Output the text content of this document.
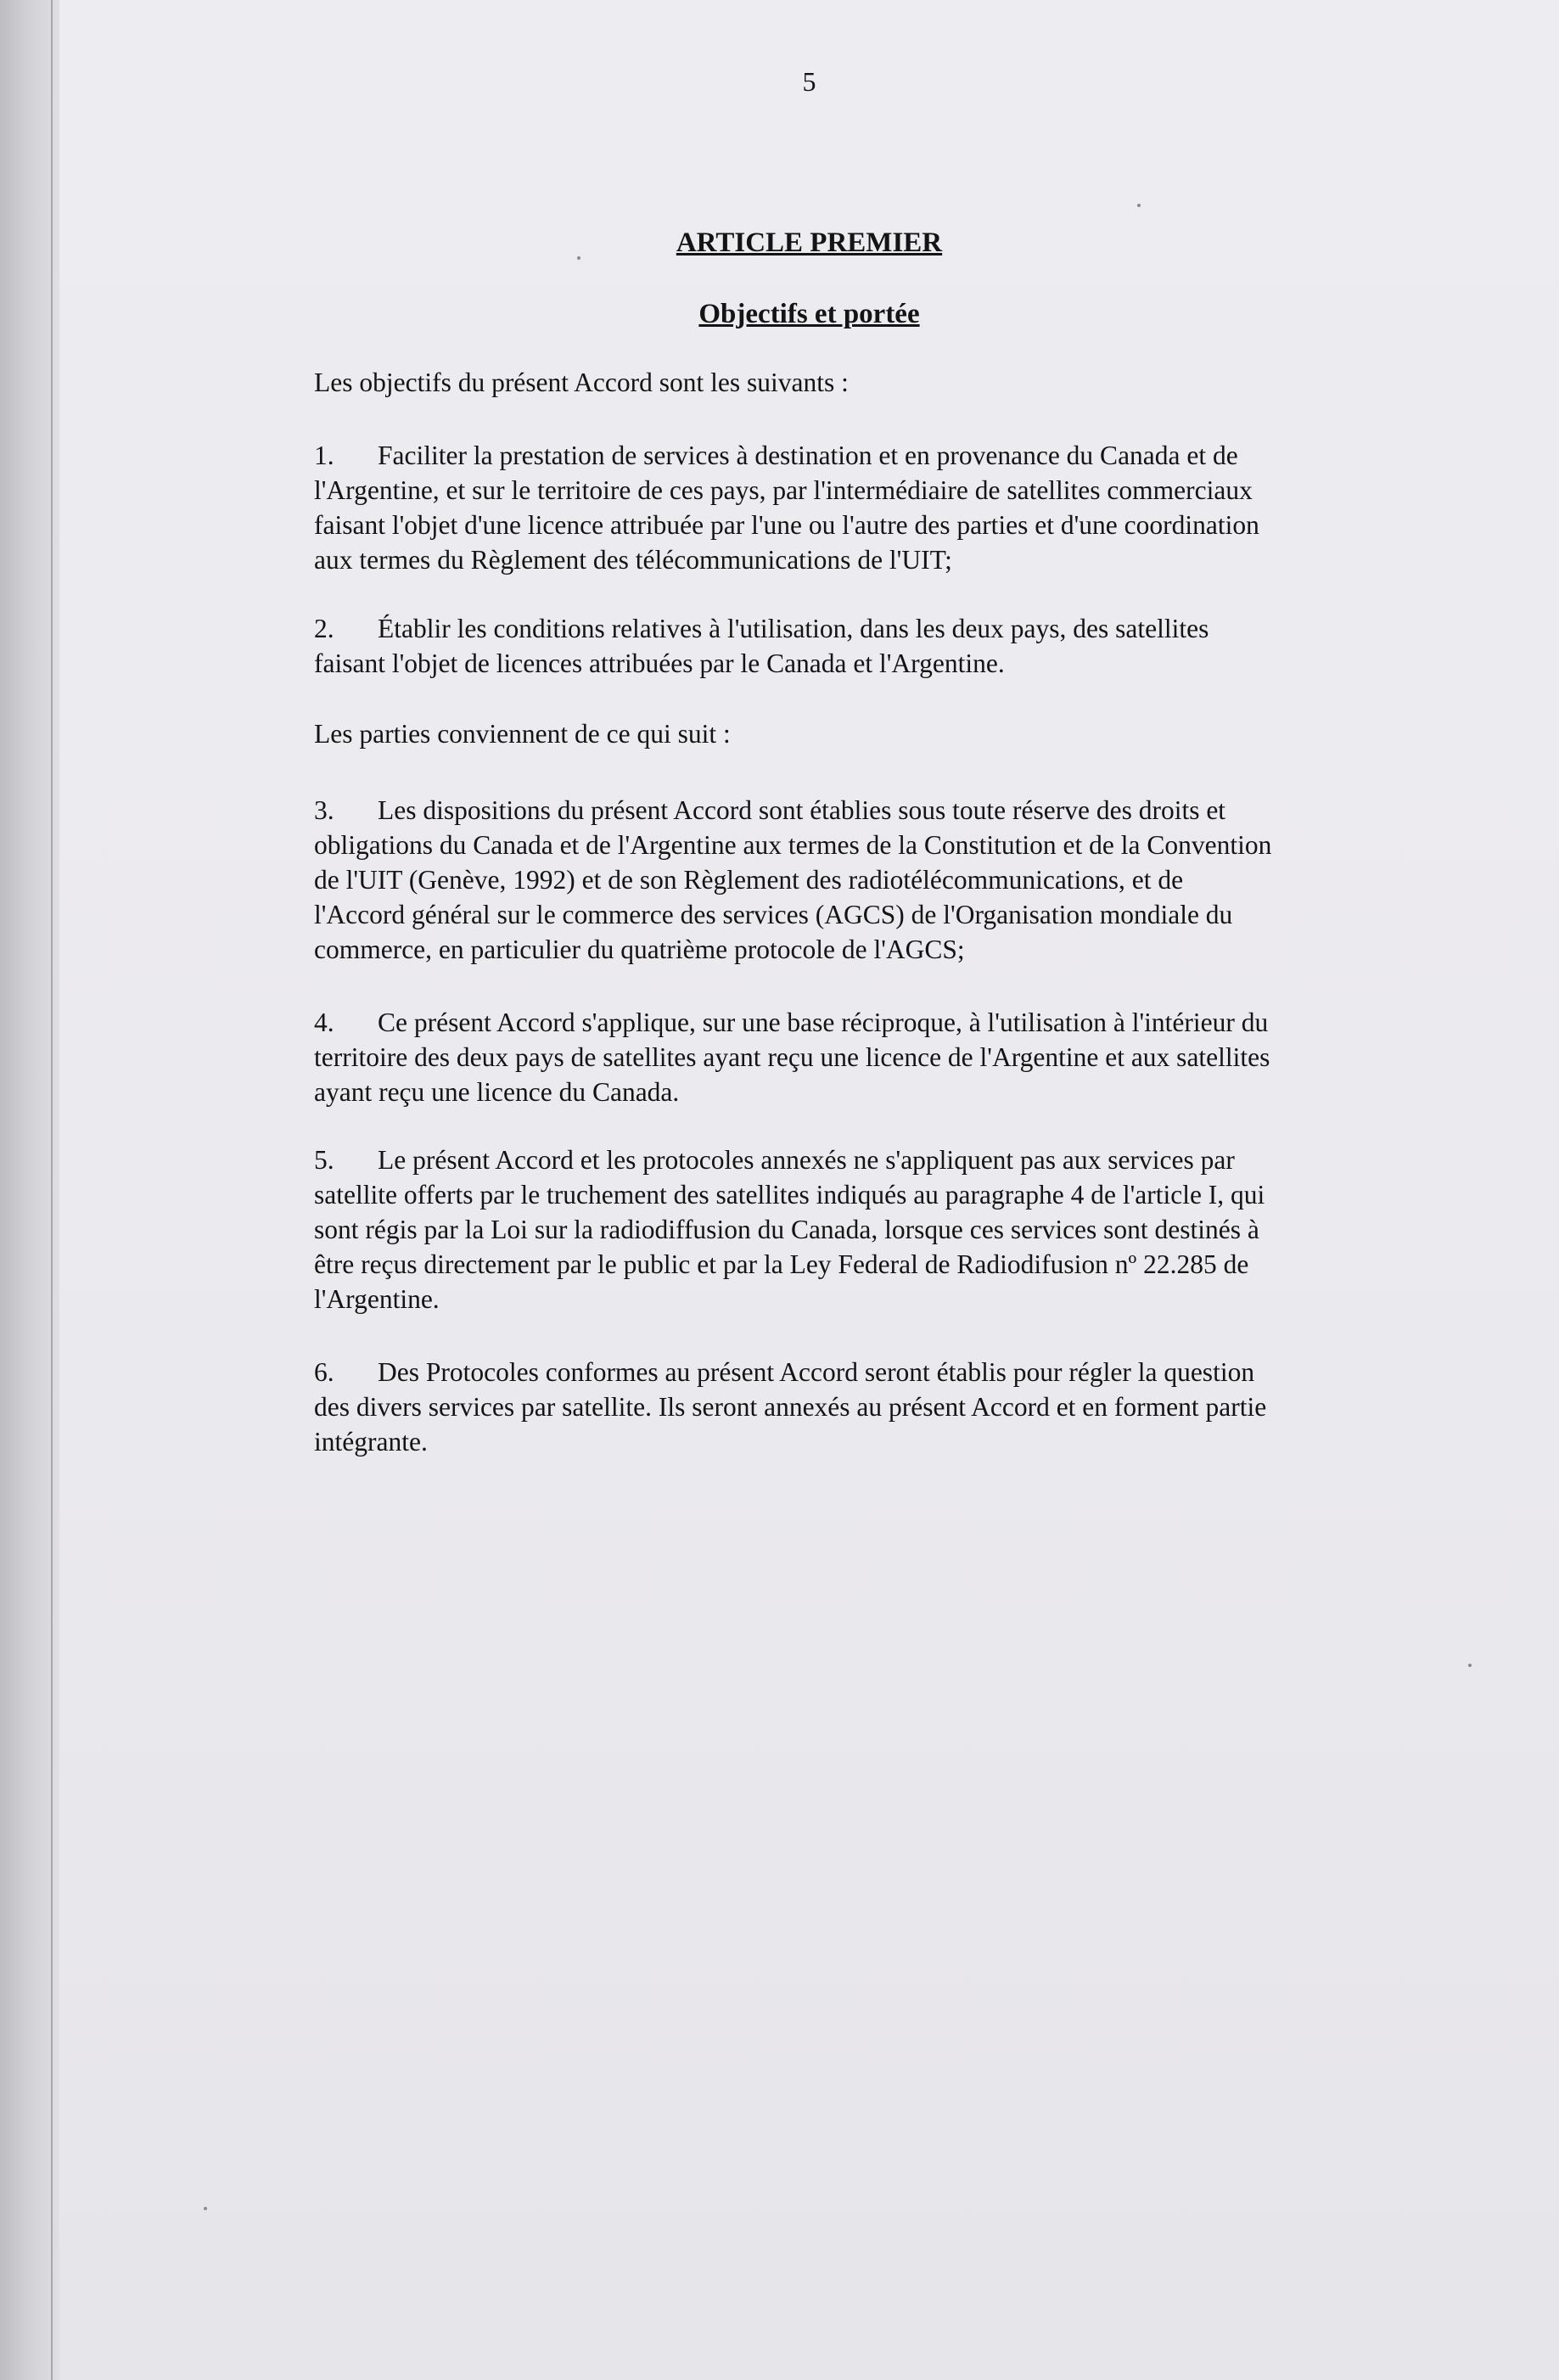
5
ARTICLE PREMIER
Objectifs et portée

Les objectifs du présent Accord sont les suivants :

1. Faciliter la prestation de services à destination et en provenance du Canada et de
l'Argentine, et sur le territoire de ces pays, par l'intermédiaire de satellites commerciaux
faisant l'objet d'une licence attribuée par l'une ou l'autre des parties et d'une coordination
aux termes du Règlement des télécommunications de l'UIT;
2. Établir les conditions relatives à l'utilisation, dans les deux pays, des satellites
faisant l'objet de licences attribuées par le Canada et l'Argentine.

Les parties conviennent de ce qui suit :

3. Les dispositions du présent Accord sont établies sous toute réserve des droits et
obligations du Canada et de l'Argentine aux termes de la Constitution et de la Convention
de l'UIT (Genève, 1992) et de son Règlement des radiotélécommunications, et de
l'Accord général sur le commerce des services (AGCS) de l'Organisation mondiale du
commerce, en particulier du quatrième protocole de l'AGCS;
4. Ce présent Accord s'applique, sur une base réciproque, à l'utilisation à l'intérieur du
territoire des deux pays de satellites ayant reçu une licence de l'Argentine et aux satellites
ayant reçu une licence du Canada.
5. Le présent Accord et les protocoles annexés ne s'appliquent pas aux services par
satellite offerts par le truchement des satellites indiqués au paragraphe 4 de l'article I, qui
sont régis par la Loi sur la radiodiffusion du Canada, lorsque ces services sont destinés à
être reçus directement par le public et par la Ley Federal de Radiodifusion nº 22.285 de
l'Argentine.
6. Des Protocoles conformes au présent Accord seront établis pour régler la question
des divers services par satellite. Ils seront annexés au présent Accord et en forment partie
intégrante.
